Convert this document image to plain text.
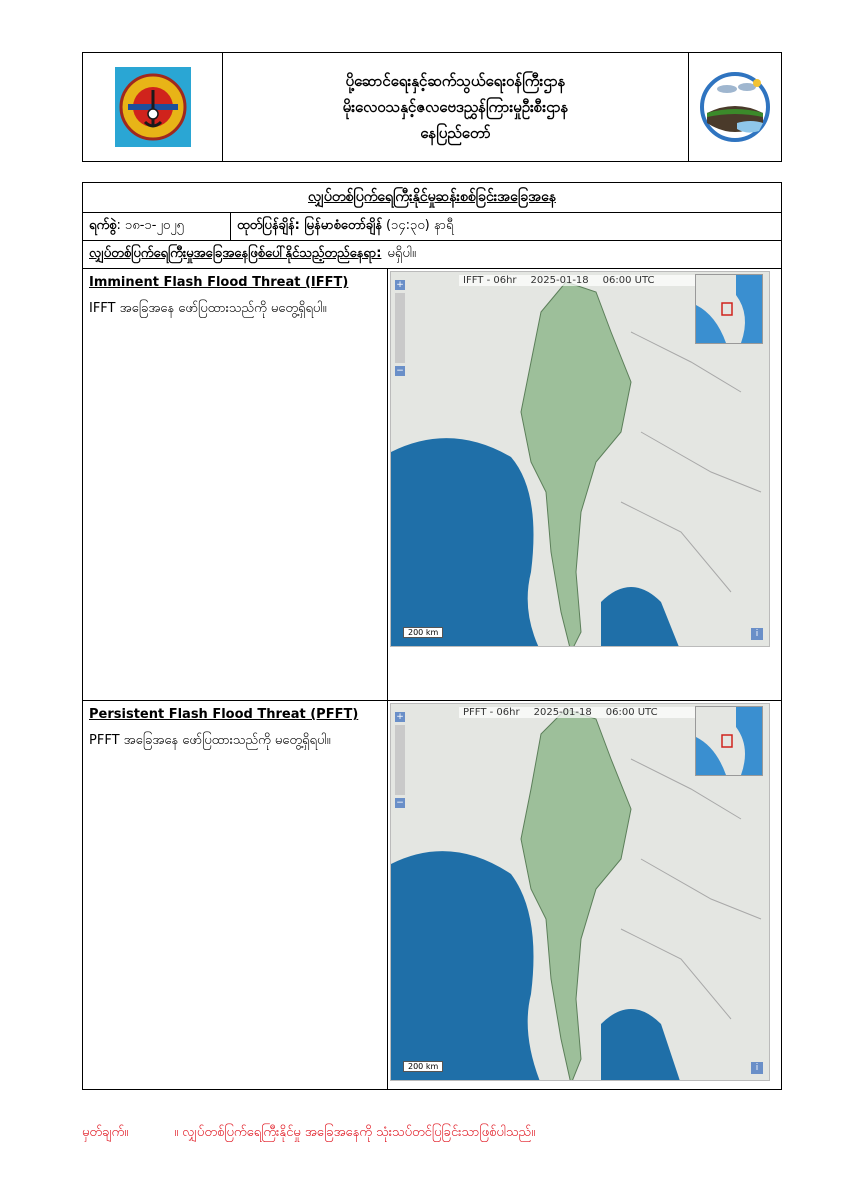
ပို့ဆောင်ရေးနှင့်ဆက်သွယ်ရေးဝန်ကြီးဌာန
မိုးလေဝသနှင့်ဇလဗေဒညွှန်ကြားမှုဦးစီးဌာန
နေပြည်တော်
လျှပ်တစ်ပြက်ရေကြီးနိုင်မှုဆန်းစစ်ခြင်းအခြေအနေ
ရက်စွဲ : ၁၈-၁-၂၀၂၅	ထုတ်ပြန်ချိန်: မြန်မာစံတော်ချိန် (၁၄:၃၀) နာရီ
လျှပ်တစ်ပြက်ရေကြီးမှုအခြေအနေဖြစ်ပေါ်နိုင်သည့်တည်နေရာ: မရှိပါ။
Imminent Flash Flood Threat (IFFT)
IFFT အခြေအနေ ဖော်ပြထားသည်ကို မတွေ့ရှိရပါ။
IFFT - 06hr 2025-01-18 06:00 UTC
+
−
200 km	i
Persistent Flash Flood Threat (PFFT)
PFFT အခြေအနေ ဖော်ပြထားသည်ကို မတွေ့ရှိရပါ။
PFFT - 06hr 2025-01-18 06:00 UTC
+
−
200 km	i
မှတ်ချက်။	။ လျှပ်တစ်ပြက်ရေကြီးနိုင်မှု အခြေအနေကို သုံးသပ်တင်ပြခြင်းသာဖြစ်ပါသည်။
